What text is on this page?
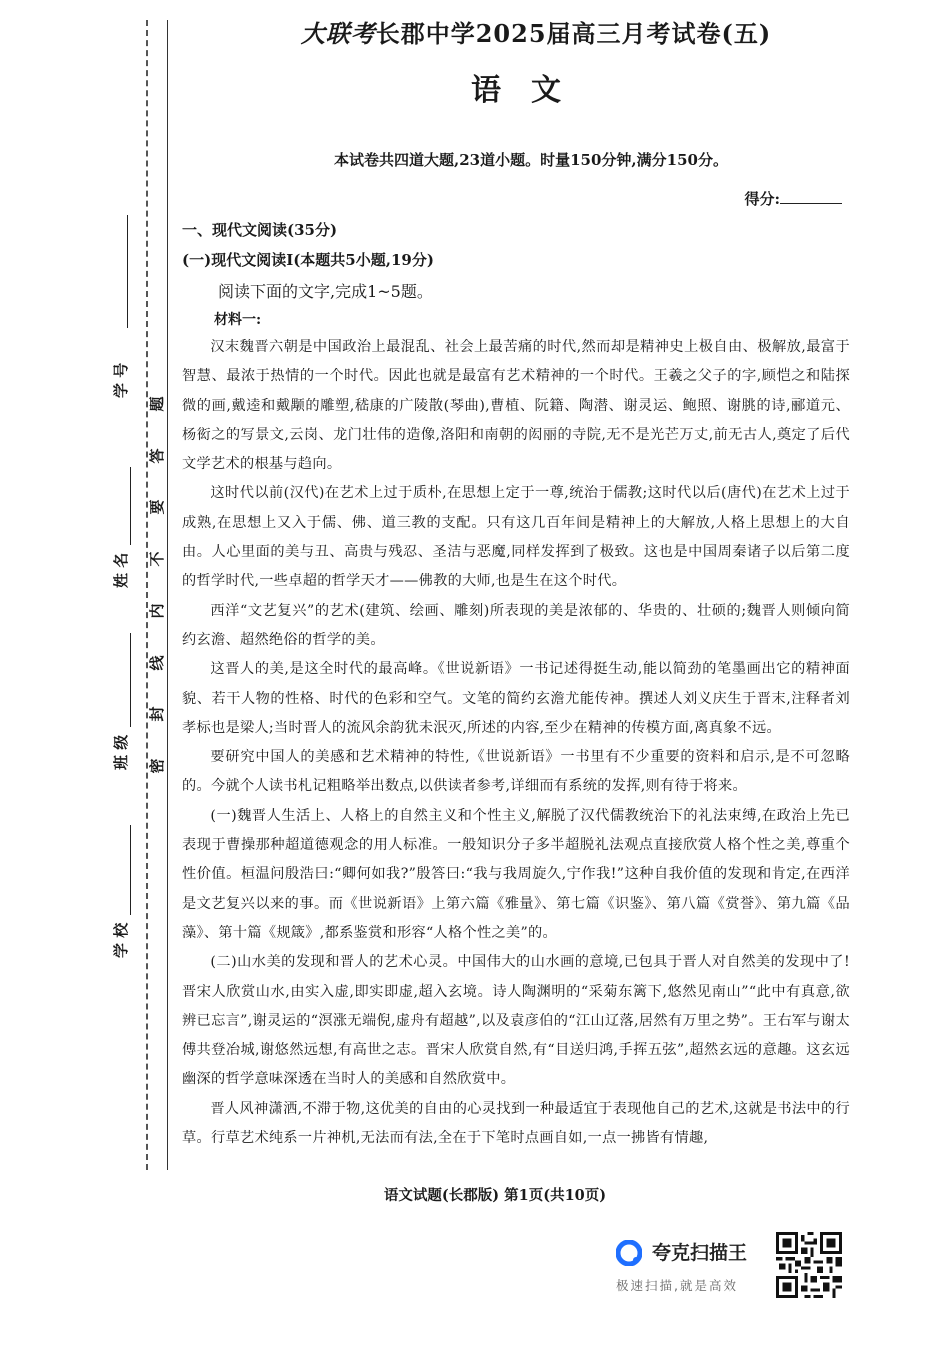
学 校
班 级
姓 名
学 号
题
答
要
不
内
线
封
密
大联考长郡中学2025届高三月考试卷(五)
语文
本试卷共四道大题,23道小题。时量150分钟,满分150分。
得分:
一、现代文阅读(35分)
(一)现代文阅读Ⅰ(本题共5小题,19分)
阅读下面的文字,完成1~5题。
材料一:

汉末魏晋六朝是中国政治上最混乱、社会上最苦痛的时代,然而却是精神史上极自由、极解放,最富于智慧、最浓于热情的一个时代。因此也就是最富有艺术精神的一个时代。王羲之父子的字,顾恺之和陆探微的画,戴逵和戴颙的雕塑,嵇康的广陵散(琴曲),曹植、阮籍、陶潜、谢灵运、鲍照、谢朓的诗,郦道元、杨衒之的写景文,云岗、龙门壮伟的造像,洛阳和南朝的闳丽的寺院,无不是光芒万丈,前无古人,奠定了后代文学艺术的根基与趋向。

这时代以前(汉代)在艺术上过于质朴,在思想上定于一尊,统治于儒教;这时代以后(唐代)在艺术上过于成熟,在思想上又入于儒、佛、道三教的支配。只有这几百年间是精神上的大解放,人格上思想上的大自由。人心里面的美与丑、高贵与残忍、圣洁与恶魔,同样发挥到了极致。这也是中国周秦诸子以后第二度的哲学时代,一些卓超的哲学天才——佛教的大师,也是生在这个时代。

西洋“文艺复兴”的艺术(建筑、绘画、雕刻)所表现的美是浓郁的、华贵的、壮硕的;魏晋人则倾向简约玄澹、超然绝俗的哲学的美。

这晋人的美,是这全时代的最高峰。《世说新语》一书记述得挺生动,能以简劲的笔墨画出它的精神面貌、若干人物的性格、时代的色彩和空气。文笔的简约玄澹尤能传神。撰述人刘义庆生于晋末,注释者刘孝标也是梁人;当时晋人的流风余韵犹未泯灭,所述的内容,至少在精神的传模方面,离真象不远。

要研究中国人的美感和艺术精神的特性,《世说新语》一书里有不少重要的资料和启示,是不可忽略的。今就个人读书札记粗略举出数点,以供读者参考,详细而有系统的发挥,则有待于将来。

(一)魏晋人生活上、人格上的自然主义和个性主义,解脱了汉代儒教统治下的礼法束缚,在政治上先已表现于曹操那种超道德观念的用人标准。一般知识分子多半超脱礼法观点直接欣赏人格个性之美,尊重个性价值。桓温问殷浩曰:“卿何如我?”殷答曰:“我与我周旋久,宁作我!”这种自我价值的发现和肯定,在西洋是文艺复兴以来的事。而《世说新语》上第六篇《雅量》、第七篇《识鉴》、第八篇《赏誉》、第九篇《品藻》、第十篇《规箴》,都系鉴赏和形容“人格个性之美”的。

(二)山水美的发现和晋人的艺术心灵。中国伟大的山水画的意境,已包具于晋人对自然美的发现中了!晋宋人欣赏山水,由实入虚,即实即虚,超入玄境。诗人陶渊明的“采菊东篱下,悠然见南山”“此中有真意,欲辨已忘言”,谢灵运的“溟涨无端倪,虚舟有超越”,以及袁彦伯的“江山辽落,居然有万里之势”。王右军与谢太傅共登冶城,谢悠然远想,有高世之志。晋宋人欣赏自然,有“目送归鸿,手挥五弦”,超然玄远的意趣。这玄远幽深的哲学意味深透在当时人的美感和自然欣赏中。

晋人风神潇洒,不滞于物,这优美的自由的心灵找到一种最适宜于表现他自己的艺术,这就是书法中的行草。行草艺术纯系一片神机,无法而有法,全在于下笔时点画自如,一点一拂皆有情趣,

语文试题(长郡版) 第1页(共10页)
夸克扫描王
极速扫描,就是高效
